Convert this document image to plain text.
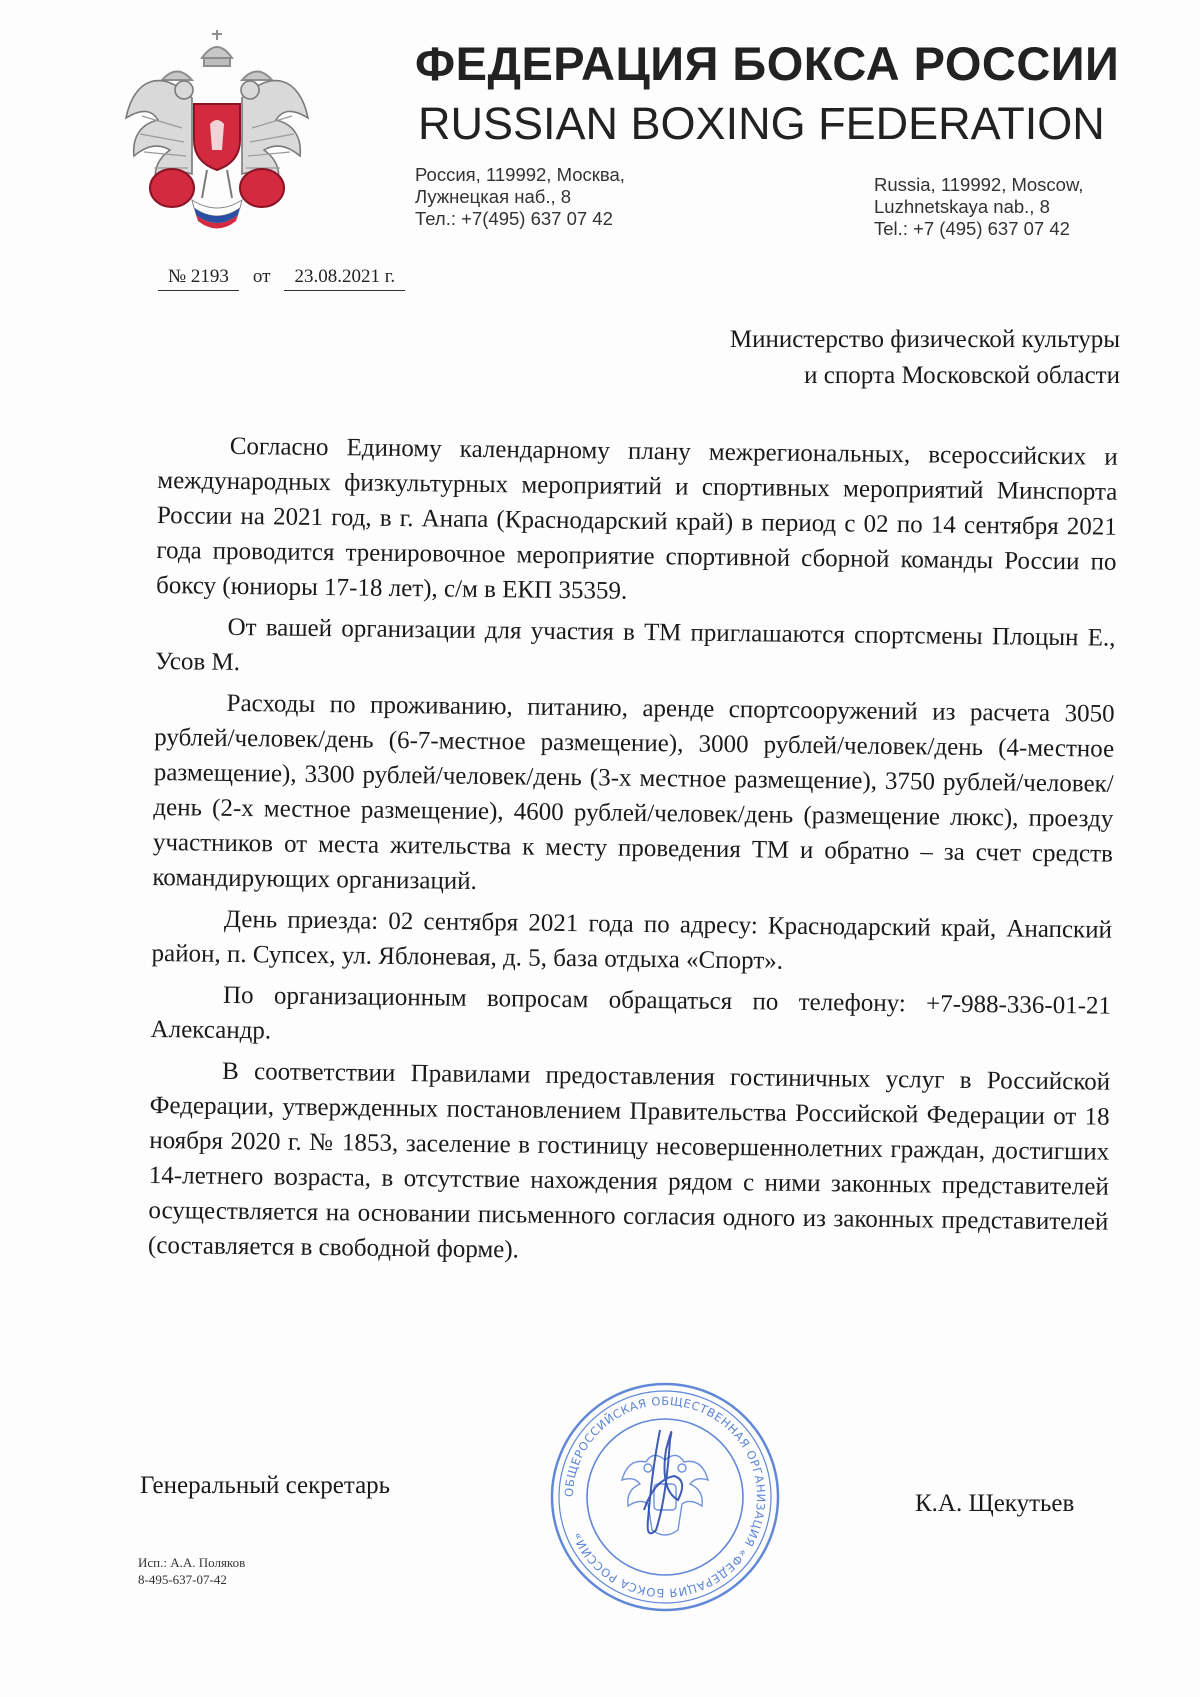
ФЕДЕРАЦИЯ БОКСА РОССИИ
RUSSIAN BOXING FEDERATION
Россия, 119992, Москва,
Лужнецкая наб., 8
Тел.: +7(495) 637 07 42
Russia, 119992, Moscow,
Luzhnetskaya nab., 8
Tel.: +7 (495) 637 07 42
№ 2193 от 23.08.2021 г.
Министерство физической культуры
и спорта Московской области

Согласно Единому календарному плану межрегиональных, всероссийских и международных физкультурных мероприятий и спортивных мероприятий Минспорта России на 2021 год, в г. Анапа (Краснодарский край) в период с 02 по 14 сентября 2021 года проводится тренировочное мероприятие спортивной сборной команды России по боксу (юниоры 17-18 лет), с/м в ЕКП 35359.

От вашей организации для участия в ТМ приглашаются спортсмены Плоцын Е., Усов М.

Расходы по проживанию, питанию, аренде спортсооружений из расчета 3050 рублей/человек/день (6-7-местное размещение), 3000 рублей/человек/день (4-местное размещение), 3300 рублей/человек/день (3-х местное размещение), 3750 рублей/человек/день (2-х местное размещение), 4600 рублей/человек/день (размещение люкс), проезду участников от места жительства к месту проведения ТМ и обратно – за счет средств командирующих организаций.

День приезда: 02 сентября 2021 года по адресу: Краснодарский край, Анапский район, п. Супсех, ул. Яблоневая, д. 5, база отдыха «Спорт».

По организационным вопросам обращаться по телефону: +7-988-336-01-21 Александр.

В соответствии Правилами предоставления гостиничных услуг в Российской Федерации, утвержденных постановлением Правительства Российской Федерации от 18 ноября 2020 г. № 1853, заселение в гостиницу несовершеннолетних граждан, достигших 14-летнего возраста, в отсутствие нахождения рядом с ними законных представителей осуществляется на основании письменного согласия одного из законных представителей (составляется в свободной форме).

Генеральный секретарь	ОБЩЕРОССИЙСКАЯ ОБЩЕСТВЕННАЯ ОРГАНИЗАЦИЯ «ФЕДЕРАЦИЯ БОКСА РОССИИ»
К.А. Щекутьев
Исп.: А.А. Поляков
8-495-637-07-42
